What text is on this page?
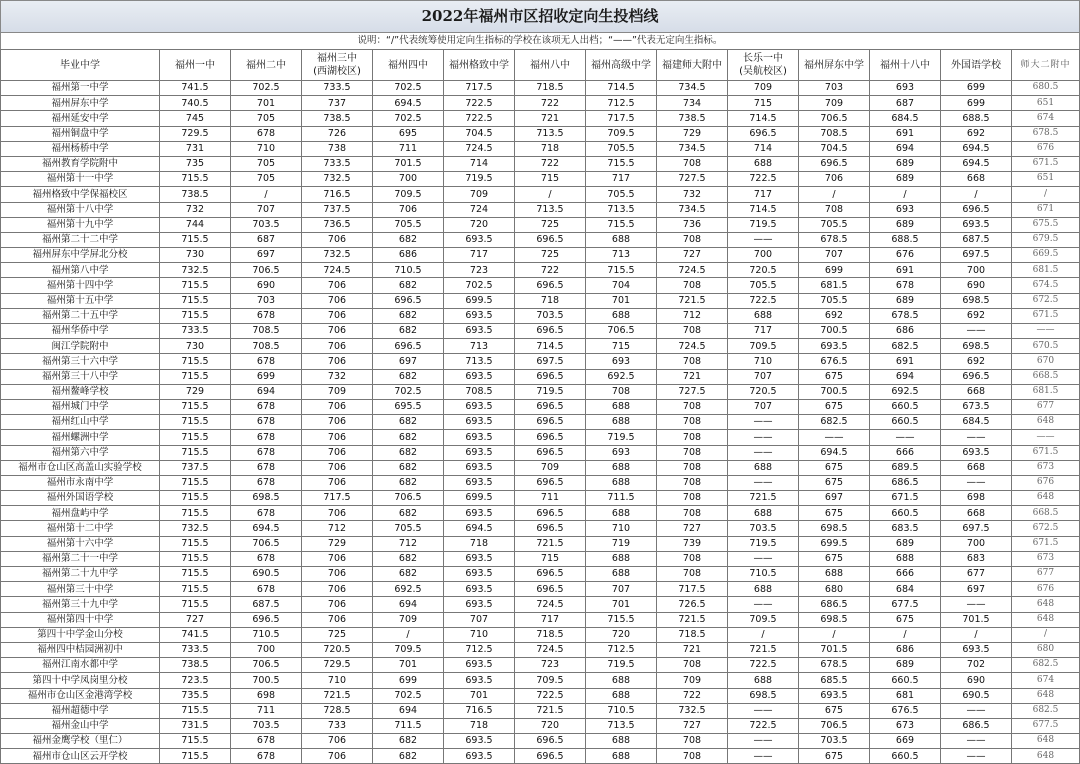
2022年福州市区招收定向生投档线
说明：“/”代表统筹使用定向生指标的学校在该项无人出档；“——”代表无定向生指标。
毕业中学	福州一中	福州二中	福州三中
(西湖校区)	福州四中	福州格致中学	福州八中	福州高级中学	福建师大附中	长乐一中
(吴航校区)	福州屏东中学	福州十八中	外国语学校	师大二附中
福州第一中学	741.5	702.5	733.5	702.5	717.5	718.5	714.5	734.5	709	703	693	699	680.5
福州屏东中学	740.5	701	737	694.5	722.5	722	712.5	734	715	709	687	699	651
福州延安中学	745	705	738.5	702.5	722.5	721	717.5	738.5	714.5	706.5	684.5	688.5	674
福州铜盘中学	729.5	678	726	695	704.5	713.5	709.5	729	696.5	708.5	691	692	678.5
福州杨桥中学	731	710	738	711	724.5	718	705.5	734.5	714	704.5	694	694.5	676
福州教育学院附中	735	705	733.5	701.5	714	722	715.5	708	688	696.5	689	694.5	671.5
福州第十一中学	715.5	705	732.5	700	719.5	715	717	727.5	722.5	706	689	668	651
福州格致中学保福校区	738.5	/	716.5	709.5	709	/	705.5	732	717	/	/	/	/
福州第十八中学	732	707	737.5	706	724	713.5	713.5	734.5	714.5	708	693	696.5	671
福州第十九中学	744	703.5	736.5	705.5	720	725	715.5	736	719.5	705.5	689	693.5	675.5
福州第二十二中学	715.5	687	706	682	693.5	696.5	688	708	——	678.5	688.5	687.5	679.5
福州屏东中学屏北分校	730	697	732.5	686	717	725	713	727	700	707	676	697.5	669.5
福州第八中学	732.5	706.5	724.5	710.5	723	722	715.5	724.5	720.5	699	691	700	681.5
福州第十四中学	715.5	690	706	682	702.5	696.5	704	708	705.5	681.5	678	690	674.5
福州第十五中学	715.5	703	706	696.5	699.5	718	701	721.5	722.5	705.5	689	698.5	672.5
福州第二十五中学	715.5	678	706	682	693.5	703.5	688	712	688	692	678.5	692	671.5
福州华侨中学	733.5	708.5	706	682	693.5	696.5	706.5	708	717	700.5	686	——	——
闽江学院附中	730	708.5	706	696.5	713	714.5	715	724.5	709.5	693.5	682.5	698.5	670.5
福州第三十六中学	715.5	678	706	697	713.5	697.5	693	708	710	676.5	691	692	670
福州第三十八中学	715.5	699	732	682	693.5	696.5	692.5	721	707	675	694	696.5	668.5
福州鳌峰学校	729	694	709	702.5	708.5	719.5	708	727.5	720.5	700.5	692.5	668	681.5
福州城门中学	715.5	678	706	695.5	693.5	696.5	688	708	707	675	660.5	673.5	677
福州红山中学	715.5	678	706	682	693.5	696.5	688	708	——	682.5	660.5	684.5	648
福州螺洲中学	715.5	678	706	682	693.5	696.5	719.5	708	——	——	——	——	——
福州第六中学	715.5	678	706	682	693.5	696.5	693	708	——	694.5	666	693.5	671.5
福州市仓山区高盖山实验学校	737.5	678	706	682	693.5	709	688	708	688	675	689.5	668	673
福州市永南中学	715.5	678	706	682	693.5	696.5	688	708	——	675	686.5	——	676
福州外国语学校	715.5	698.5	717.5	706.5	699.5	711	711.5	708	721.5	697	671.5	698	648
福州盘屿中学	715.5	678	706	682	693.5	696.5	688	708	688	675	660.5	668	668.5
福州第十二中学	732.5	694.5	712	705.5	694.5	696.5	710	727	703.5	698.5	683.5	697.5	672.5
福州第十六中学	715.5	706.5	729	712	718	721.5	719	739	719.5	699.5	689	700	671.5
福州第二十一中学	715.5	678	706	682	693.5	715	688	708	——	675	688	683	673
福州第二十九中学	715.5	690.5	706	682	693.5	696.5	688	708	710.5	688	666	677	677
福州第三十中学	715.5	678	706	692.5	693.5	696.5	707	717.5	688	680	684	697	676
福州第三十九中学	715.5	687.5	706	694	693.5	724.5	701	726.5	——	686.5	677.5	——	648
福州第四十中学	727	696.5	706	709	707	717	715.5	721.5	709.5	698.5	675	701.5	648
第四十中学金山分校	741.5	710.5	725	/	710	718.5	720	718.5	/	/	/	/	/
福州四中桔园洲初中	733.5	700	720.5	709.5	712.5	724.5	712.5	721	721.5	701.5	686	693.5	680
福州江南水都中学	738.5	706.5	729.5	701	693.5	723	719.5	708	722.5	678.5	689	702	682.5
第四十中学凤岗里分校	723.5	700.5	710	699	693.5	709.5	688	709	688	685.5	660.5	690	674
福州市仓山区金港湾学校	735.5	698	721.5	702.5	701	722.5	688	722	698.5	693.5	681	690.5	648
福州超德中学	715.5	711	728.5	694	716.5	721.5	710.5	732.5	——	675	676.5	——	682.5
福州金山中学	731.5	703.5	733	711.5	718	720	713.5	727	722.5	706.5	673	686.5	677.5
福州金鹰学校（里仁）	715.5	678	706	682	693.5	696.5	688	708	——	703.5	669	——	648
福州市仓山区云开学校	715.5	678	706	682	693.5	696.5	688	708	——	675	660.5	——	648
